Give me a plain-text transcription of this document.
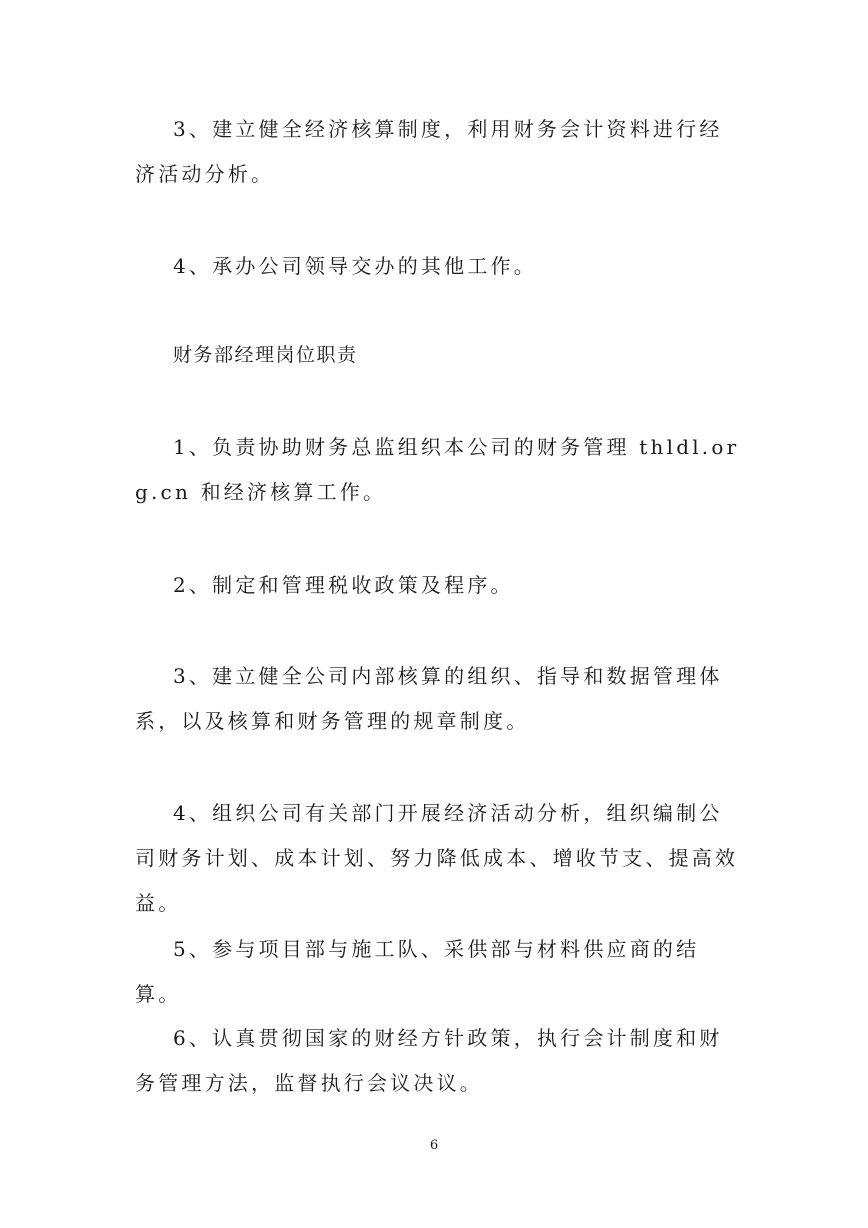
3、建立健全经济核算制度，利用财务会计资料进行经济活动分析。

4、承办公司领导交办的其他工作。

财务部经理岗位职责

1、负责协助财务总监组织本公司的财务管理 thldl.org.cn 和经济核算工作。

2、制定和管理税收政策及程序。

3、建立健全公司内部核算的组织、指导和数据管理体系，以及核算和财务管理的规章制度。

4、组织公司有关部门开展经济活动分析，组织编制公司财务计划、成本计划、努力降低成本、增收节支、提高效益。

5、参与项目部与施工队、采供部与材料供应商的结算。

6、认真贯彻国家的财经方针政策，执行会计制度和财务管理方法，监督执行会议决议。

6
